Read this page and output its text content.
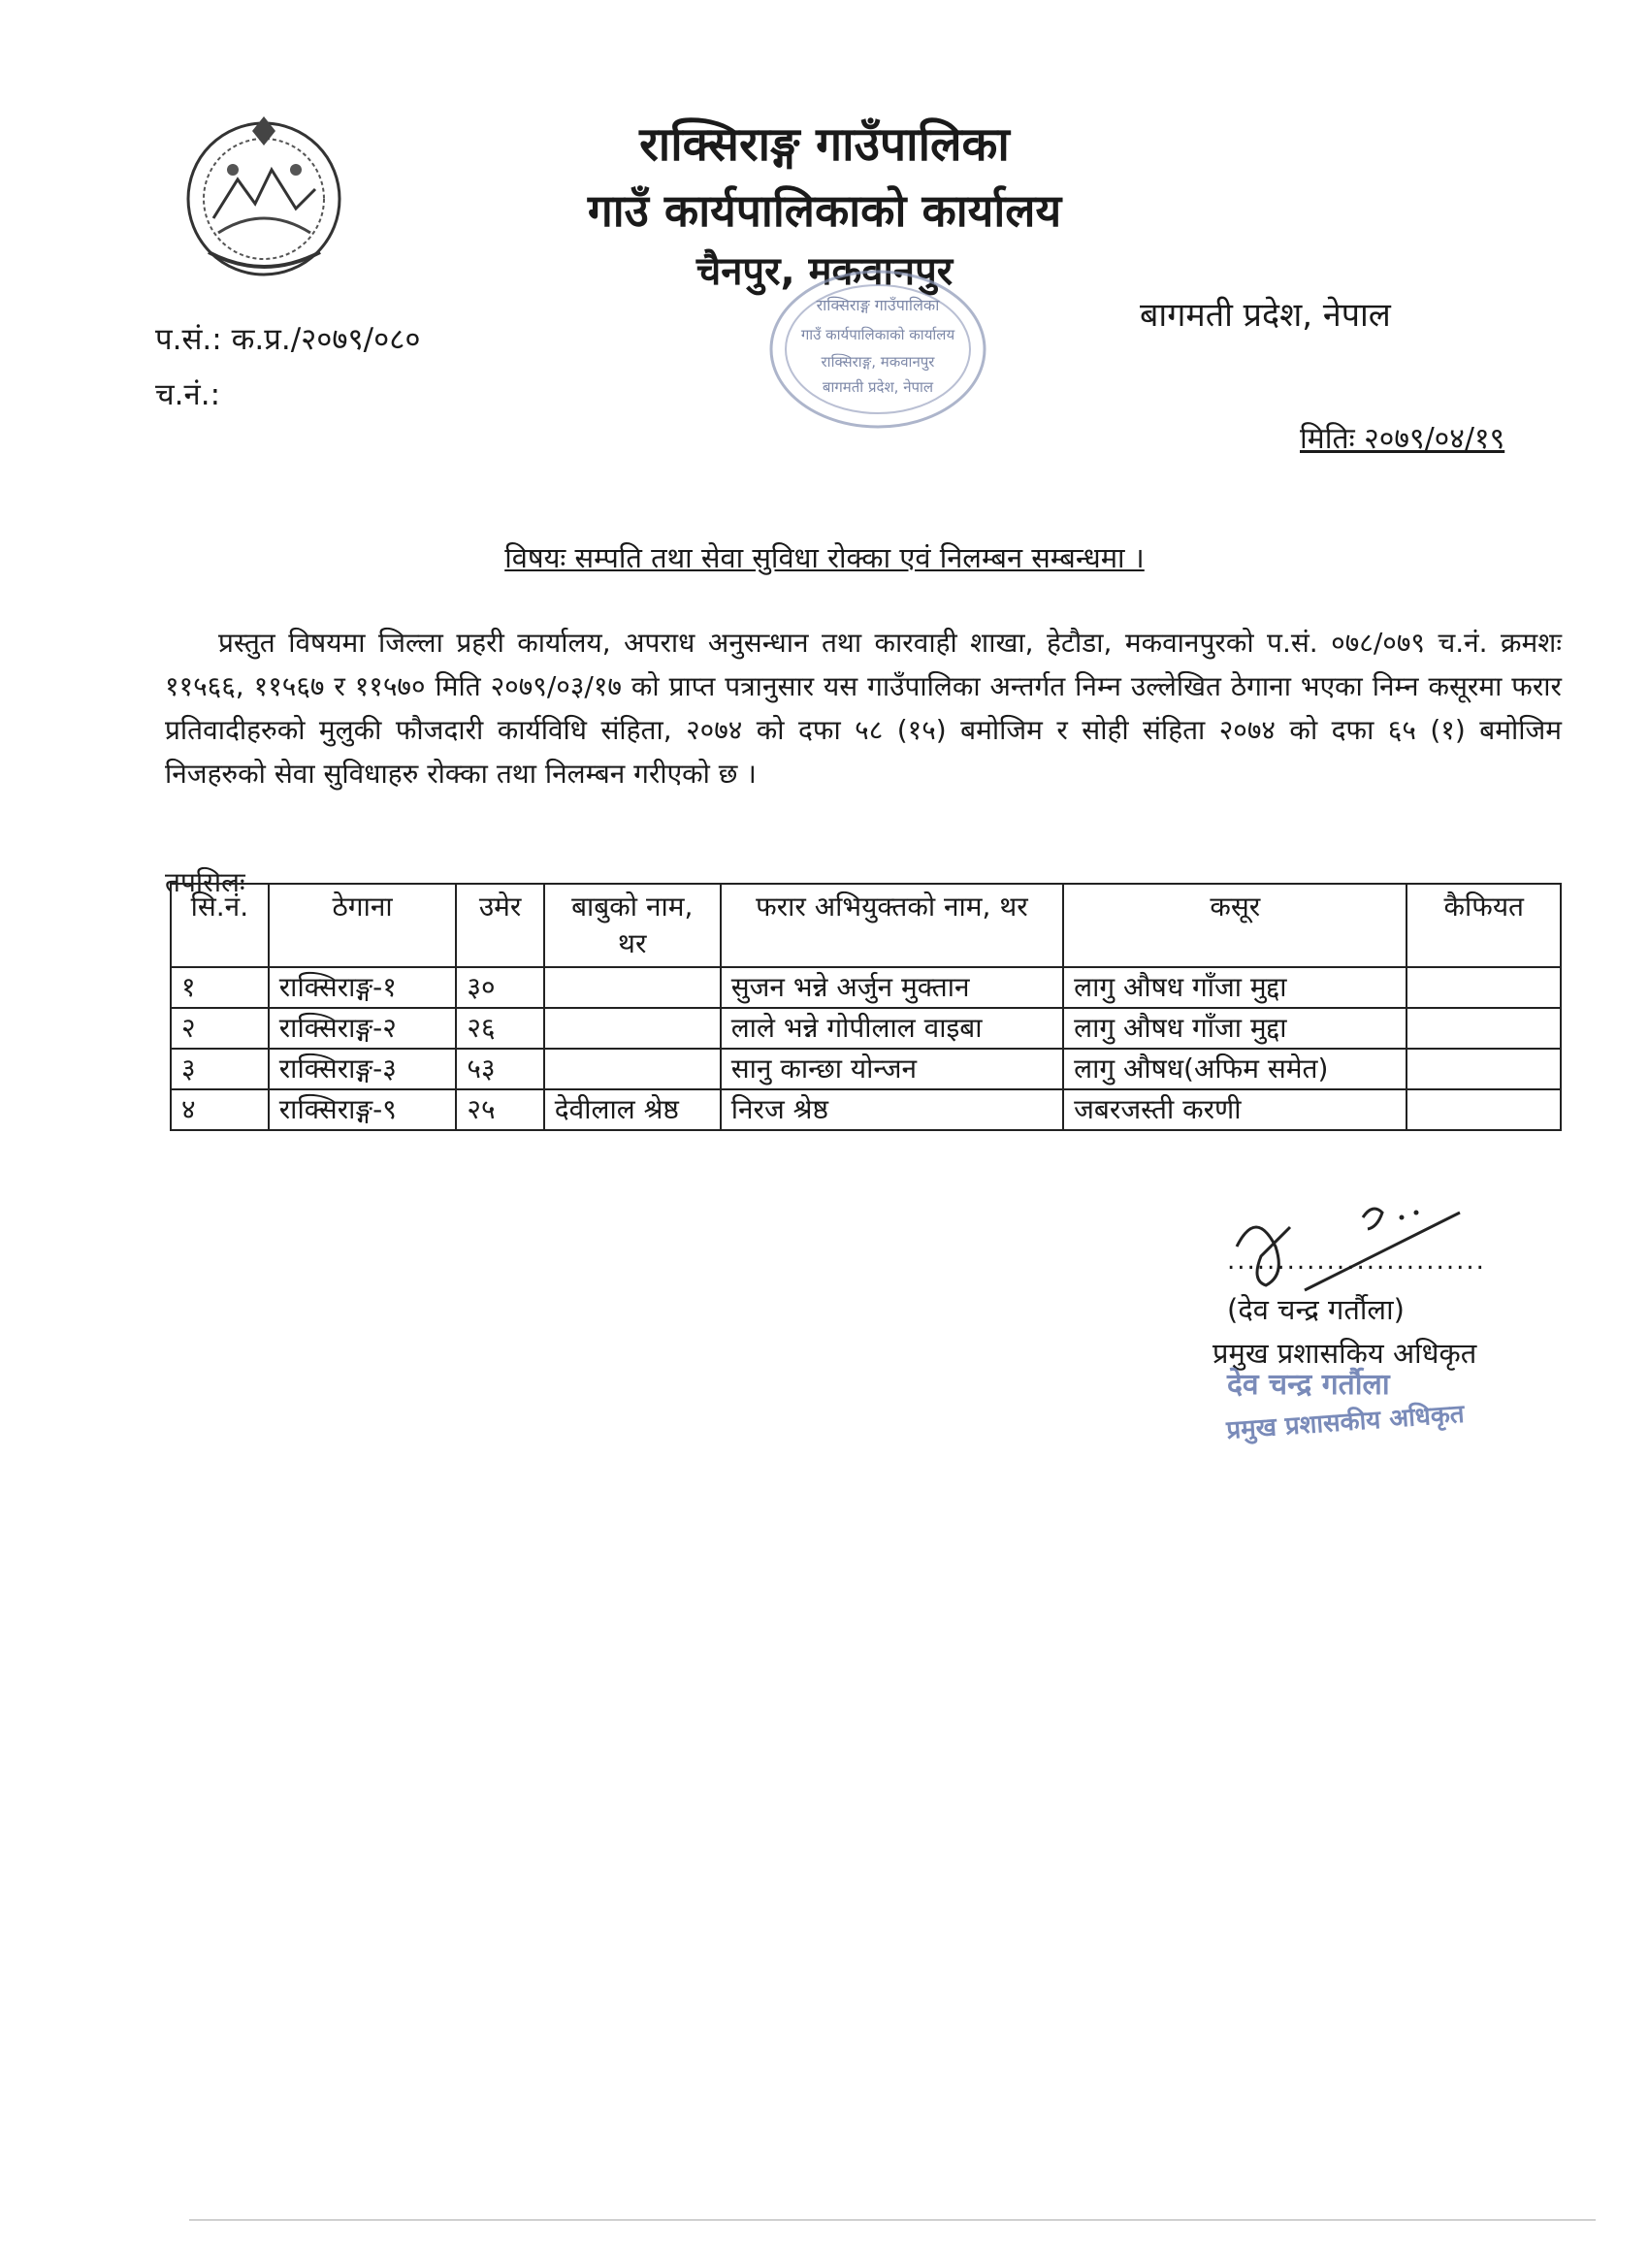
राक्सिराङ्ग गाउँपालिका
गाउँ कार्यपालिकाको कार्यालय
चैनपुर, मकवानपुर
राक्सिराङ्ग गाउँपालिका
गाउँ कार्यपालिकाको कार्यालय
राक्सिराङ्ग, मकवानपुर
बागमती प्रदेश, नेपाल
प.सं.: क.प्र./२०७९/०८०
च.नं.:
बागमती प्रदेश, नेपाल
मितिः २०७९/०४/१९
विषयः सम्पति तथा सेवा सुविधा रोक्का एवं निलम्बन सम्बन्धमा ।
प्रस्तुत विषयमा जिल्ला प्रहरी कार्यालय, अपराध अनुसन्धान तथा कारवाही शाखा, हेटौडा, मकवानपुरको प.सं. ०७८/०७९ च.नं. क्रमशः ११५६६, ११५६७ र ११५७० मिति २०७९/०३/१७ को प्राप्त पत्रानुसार यस गाउँपालिका अन्तर्गत निम्न उल्लेखित ठेगाना भएका निम्न कसूरमा फरार प्रतिवादीहरुको मुलुकी फौजदारी कार्यविधि संहिता, २०७४ को दफा ५८ (१५) बमोजिम र सोही संहिता २०७४ को दफा ६५ (१) बमोजिम निजहरुको सेवा सुविधाहरु रोक्का तथा निलम्बन गरीएको छ ।
तपसिलः
सि.नं.	ठेगाना	उमेर	बाबुको नाम, थर	फरार अभियुक्तको नाम, थर	कसूर	कैफियत
१	राक्सिराङ्ग-१	३०		सुजन भन्ने अर्जुन मुक्तान	लागु औषध गाँजा मुद्दा	
२	राक्सिराङ्ग-२	२६		लाले भन्ने गोपीलाल वाइबा	लागु औषध गाँजा मुद्दा	
३	राक्सिराङ्ग-३	५३		सानु कान्छा योन्जन	लागु औषध(अफिम समेत)	
४	राक्सिराङ्ग-९	२५	देवीलाल श्रेष्ठ	निरज श्रेष्ठ	जबरजस्ती करणी	
..........................
(देव चन्द्र गर्तौला)
प्रमुख प्रशासकिय अधिकृत
देव चन्द्र गर्तौला
प्रमुख प्रशासकीय अधिकृत
